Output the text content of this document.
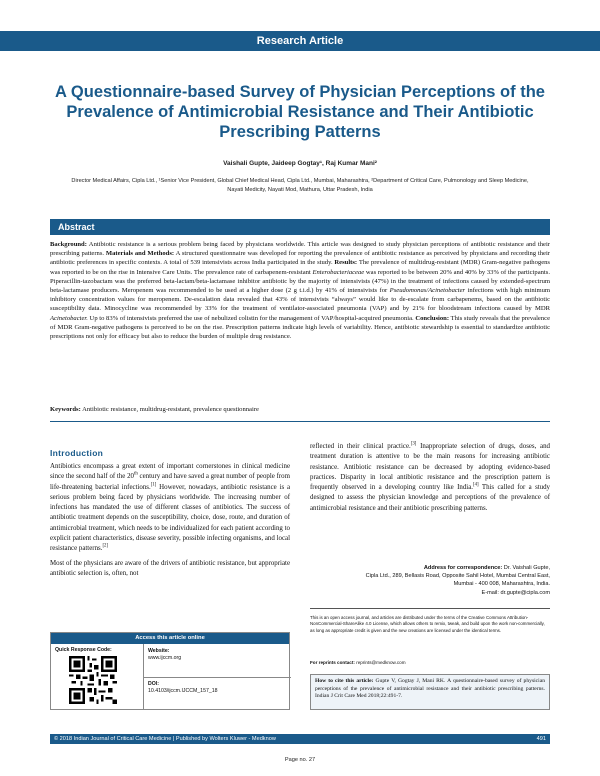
Research Article
A Questionnaire-based Survey of Physician Perceptions of the Prevalence of Antimicrobial Resistance and Their Antibiotic Prescribing Patterns
Vaishali Gupte, Jaideep Gogtay¹, Raj Kumar Mani²
Director Medical Affairs, Cipla Ltd., ¹Senior Vice President, Global Chief Medical Head, Cipla Ltd., Mumbai, Maharashtra, ²Department of Critical Care, Pulmonology and Sleep Medicine, Nayati Medicity, Nayati Mod, Mathura, Uttar Pradesh, India
Abstract
Background: Antibiotic resistance is a serious problem being faced by physicians worldwide. This article was designed to study physician perceptions of antibiotic resistance and their prescribing patterns. Materials and Methods: A structured questionnaire was developed for reporting the prevalence of antibiotic resistance as perceived by physicians and recording their antibiotic preferences in specific contexts. A total of 539 intensivists across India participated in the study. Results: The prevalence of multidrug-resistant (MDR) Gram-negative pathogens was reported to be on the rise in Intensive Care Units. The prevalence rate of carbapenem-resistant Enterobacteriaceae was reported to be between 20% and 40% by 33% of the participants. Piperacillin-tazobactam was the preferred beta-lactam/beta-lactamase inhibitor antibiotic by the majority of intensivists (47%) in the treatment of infections caused by extended-spectrum beta-lactamase producers. Meropenem was recommended to be used at a higher dose (2 g t.i.d.) by 41% of intensivists for Pseudomonas/Acinetobacter infections with high minimum inhibitory concentration values for meropenem. De-escalation data revealed that 43% of intensivists “always” would like to de-escalate from carbapenems, based on the antibiotic susceptibility data. Minocycline was recommended by 33% for the treatment of ventilator-associated pneumonia (VAP) and by 21% for bloodstream infections caused by MDR Acinetobacter. Up to 83% of intensivists preferred the use of nebulized colistin for the management of VAP/hospital-acquired pneumonia. Conclusion: This study reveals that the prevalence of MDR Gram-negative pathogens is perceived to be on the rise. Prescription patterns indicate high levels of variability. Hence, antibiotic stewardship is essential to standardize antibiotic prescriptions not only for efficacy but also to reduce the burden of multiple drug resistance.
Keywords: Antibiotic resistance, multidrug-resistant, prevalence questionnaire
Introduction

Antibiotics encompass a great extent of important cornerstones in clinical medicine since the second half of the 20th century and have saved a great number of people from life-threatening bacterial infections.[1] However, nowadays, antibiotic resistance is a serious problem being faced by physicians worldwide. The increasing number of infections has mandated the use of different classes of antibiotics. The success of antibiotic treatment depends on the susceptibility, choice, dose, route, and duration of antimicrobial treatment, which needs to be individualized for each patient according to explicit patient characteristics, disease severity, possible infecting organisms, and local resistance patterns.[2]

Most of the physicians are aware of the drivers of antibiotic resistance, but appropriate antibiotic selection is, often, not

reflected in their clinical practice.[3] Inappropriate selection of drugs, doses, and treatment duration is attentive to be the main reasons for increasing antibiotic resistance. Antibiotic resistance can be decreased by adopting evidence-based practices. Disparity in local antibiotic resistance and the prescription pattern is frequently observed in a developing country like India.[4] This called for a study designed to assess the physician knowledge and perceptions of the prevalence of antimicrobial resistance and their antibiotic prescribing patterns.

Address for correspondence: Dr. Vaishali Gupte,
Cipla Ltd., 289, Bellasis Road, Opposite Sahil Hotel, Mumbai Central East,
Mumbai - 400 008, Maharashtra, India.
E-mail: dr.gupte@cipla.com
This is an open access journal, and articles are distributed under the terms of the Creative Commons Attribution-NonCommercial-ShareAlike 4.0 License, which allows others to remix, tweak, and build upon the work non-commercially, as long as appropriate credit is given and the new creations are licensed under the identical terms.
For reprints contact: reprints@medknow.com
How to cite this article: Gupte V, Gogtay J, Mani RK. A questionnaire-based survey of physician perceptions of the prevalence of antimicrobial resistance and their antibiotic prescribing patterns. Indian J Crit Care Med 2018;22:491-7.
Access this article online
Quick Response Code:	Website:
www.ijccm.org
DOI:
10.4103/ijccm.IJCCM_157_18
© 2018 Indian Journal of Critical Care Medicine | Published by Wolters Kluwer - Medknow	491
Page no. 27
